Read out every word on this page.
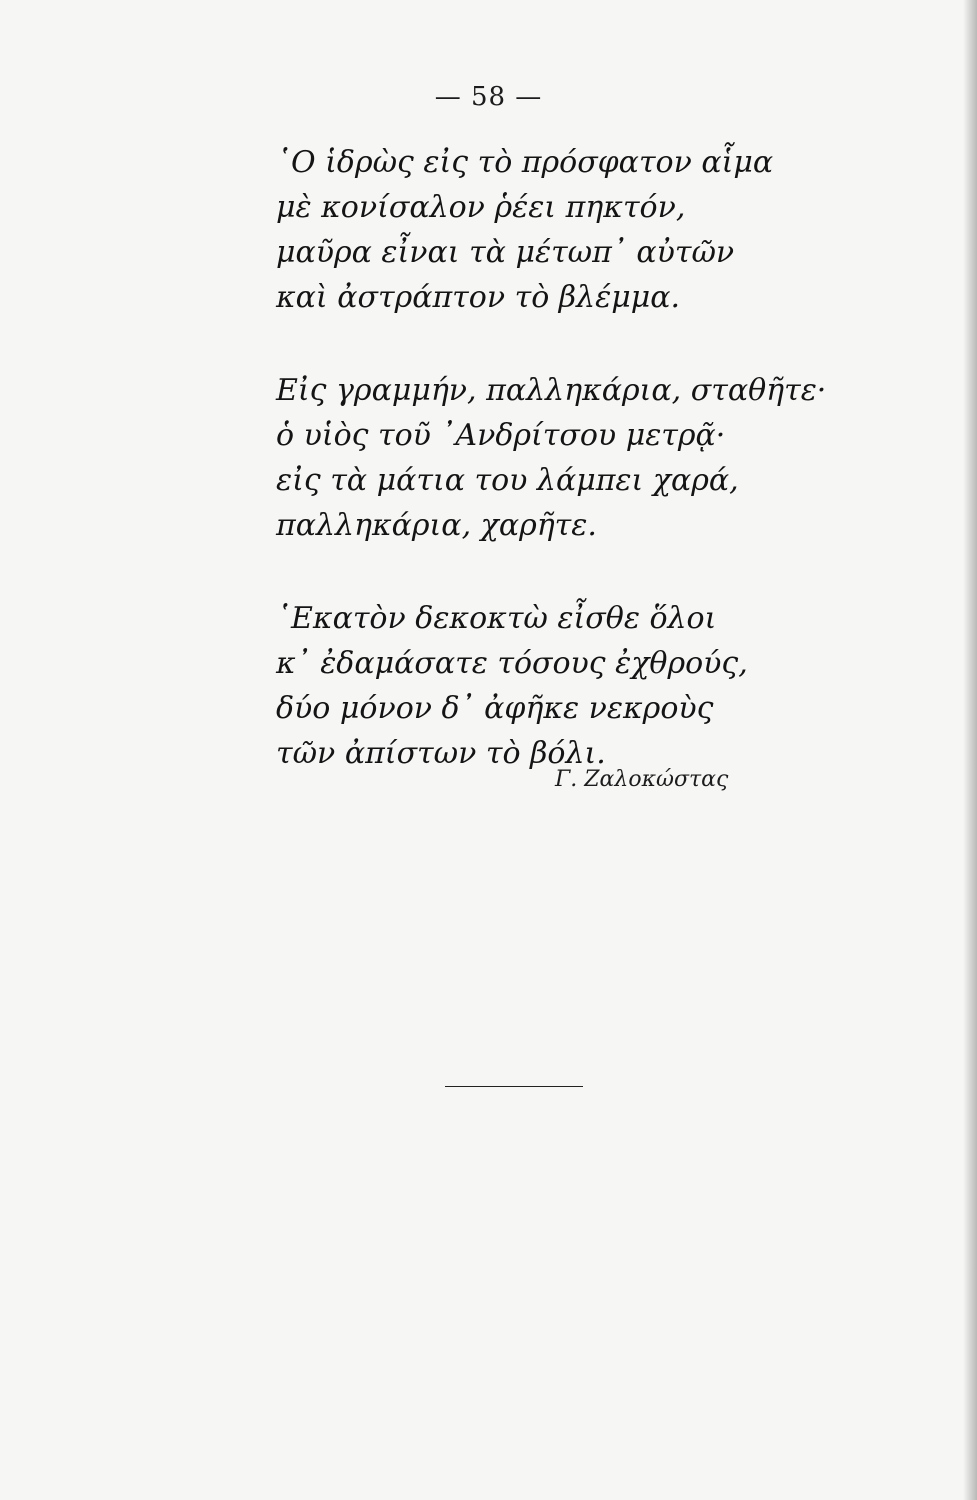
— 58 —
῾Ο ἱδρὼς εἰς τὸ πρόσφατον αἷμα
μὲ κονίσαλον ῥέει πηκτόν,
μαῦρα εἶναι τὰ μέτωπ᾽ αὐτῶν
καὶ ἀστράπτον τὸ βλέμμα.
Εἰς γραμμήν, παλληκάρια, σταθῆτε·
ὁ υἱὸς τοῦ ᾽Ανδρίτσου μετρᾷ·
εἰς τὰ μάτια του λάμπει χαρά,
παλληκάρια, χαρῆτε.
῾Εκατὸν δεκοκτὼ εἶσθε ὅλοι
κ᾽ ἐδαμάσατε τόσους ἐχθρούς,
δύο μόνον δ᾽ ἀφῆκε νεκροὺς
τῶν ἀπίστων τὸ βόλι.
Γ. Ζαλοκώστας
